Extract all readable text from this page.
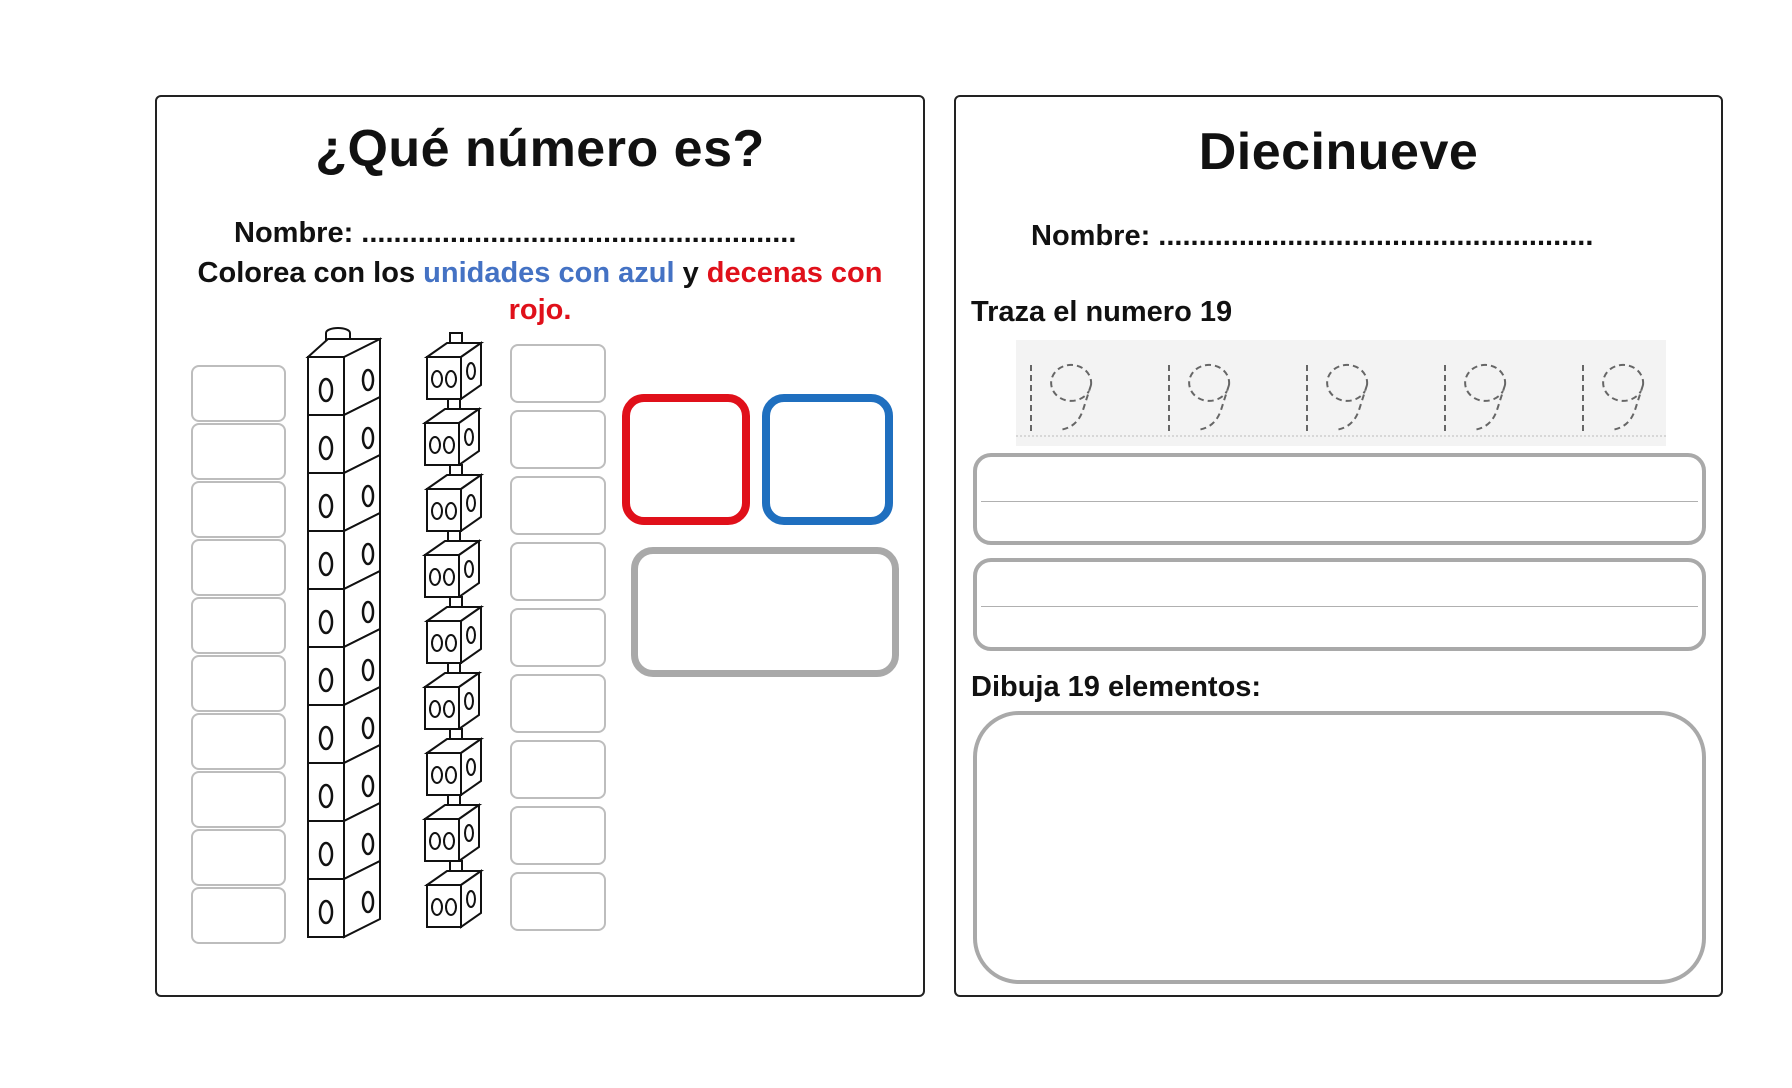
¿Qué número es?
Nombre: ......................................................
Colorea con los unidades con azul y decenas con rojo.
Diecinueve
Nombre: ......................................................
Traza el numero 19
Dibuja 19 elementos:
